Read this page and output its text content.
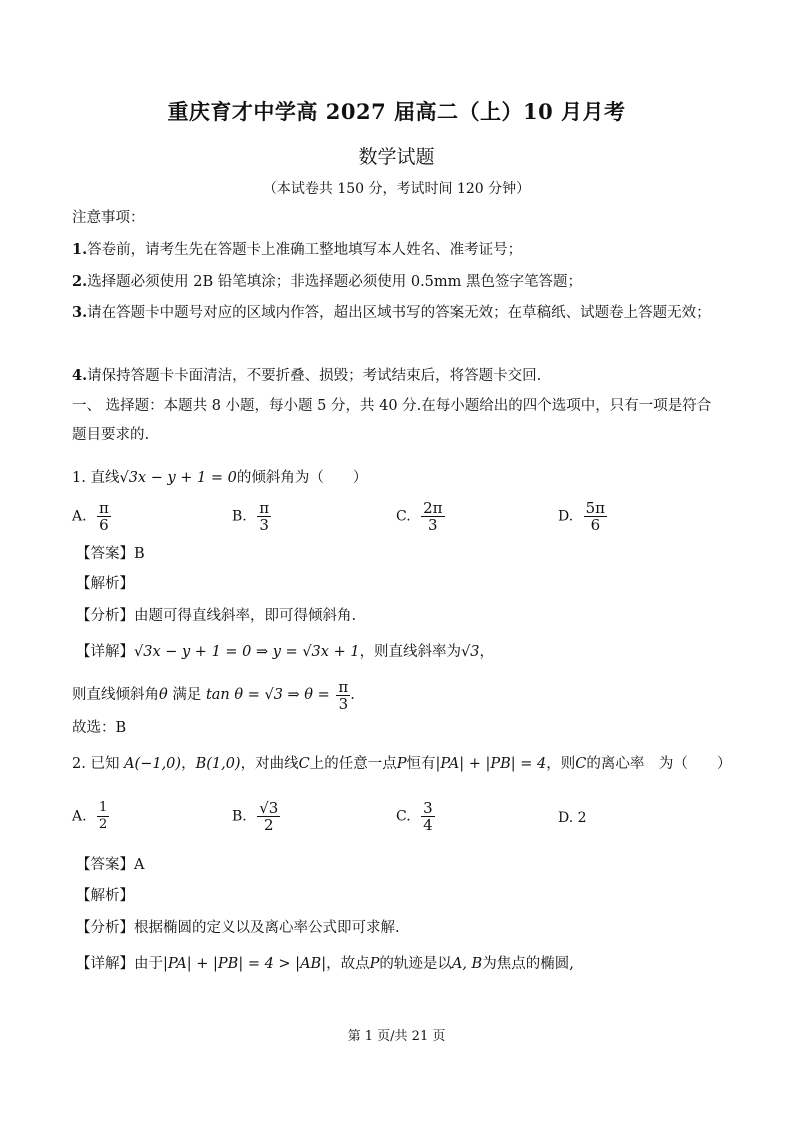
重庆育才中学高 2027 届高二（上）10 月月考
数学试题
（本试卷共 150 分，考试时间 120 分钟）
注意事项：
1.答卷前，请考生先在答题卡上准确工整地填写本人姓名、准考证号；
2.选择题必须使用 2B 铅笔填涂；非选择题必须使用 0.5mm 黑色签字笔答题；
3.请在答题卡中题号对应的区域内作答，超出区域书写的答案无效；在草稿纸、试题卷上答题无效；
4.请保持答题卡卡面清洁，不要折叠、损毁；考试结束后，将答题卡交回.
一、 选择题：本题共 8 小题，每小题 5 分，共 40 分.在每小题给出的四个选项中，只有一项是符合题目要求的.
1. 直线√3x − y + 1 = 0的倾斜角为（　　）
A. $\frac{\pi}{6}$	B. $\frac{\pi}{3}$	C. $\frac{2\pi}{3}$	D. $\frac{5\pi}{6}$
【答案】B
【解析】
【分析】由题可得直线斜率，即可得倾斜角.
【详解】√3x − y + 1 = 0 ⇒ y = √3x + 1，则直线斜率为√3，
则直线倾斜角θ 满足 tan θ = √3 ⇒ $\theta = \frac{\pi}{3}$ .
故选：B
2. 已知 A(−1,0)，B(1,0)，对曲线C上的任意一点P恒有|PA| + |PB| = 4，则C的离心率　为（　　）
A. $\frac{1}{2}$	B. $\frac{√3}{2}$	C. $\frac{3}{4}$	D. 2
【答案】A
【解析】
【分析】根据椭圆的定义以及离心率公式即可求解.
【详解】由于|PA| + |PB| = 4 > |AB|，故点P的轨迹是以A, B为焦点的椭圆,
第 1 页/共 21 页
